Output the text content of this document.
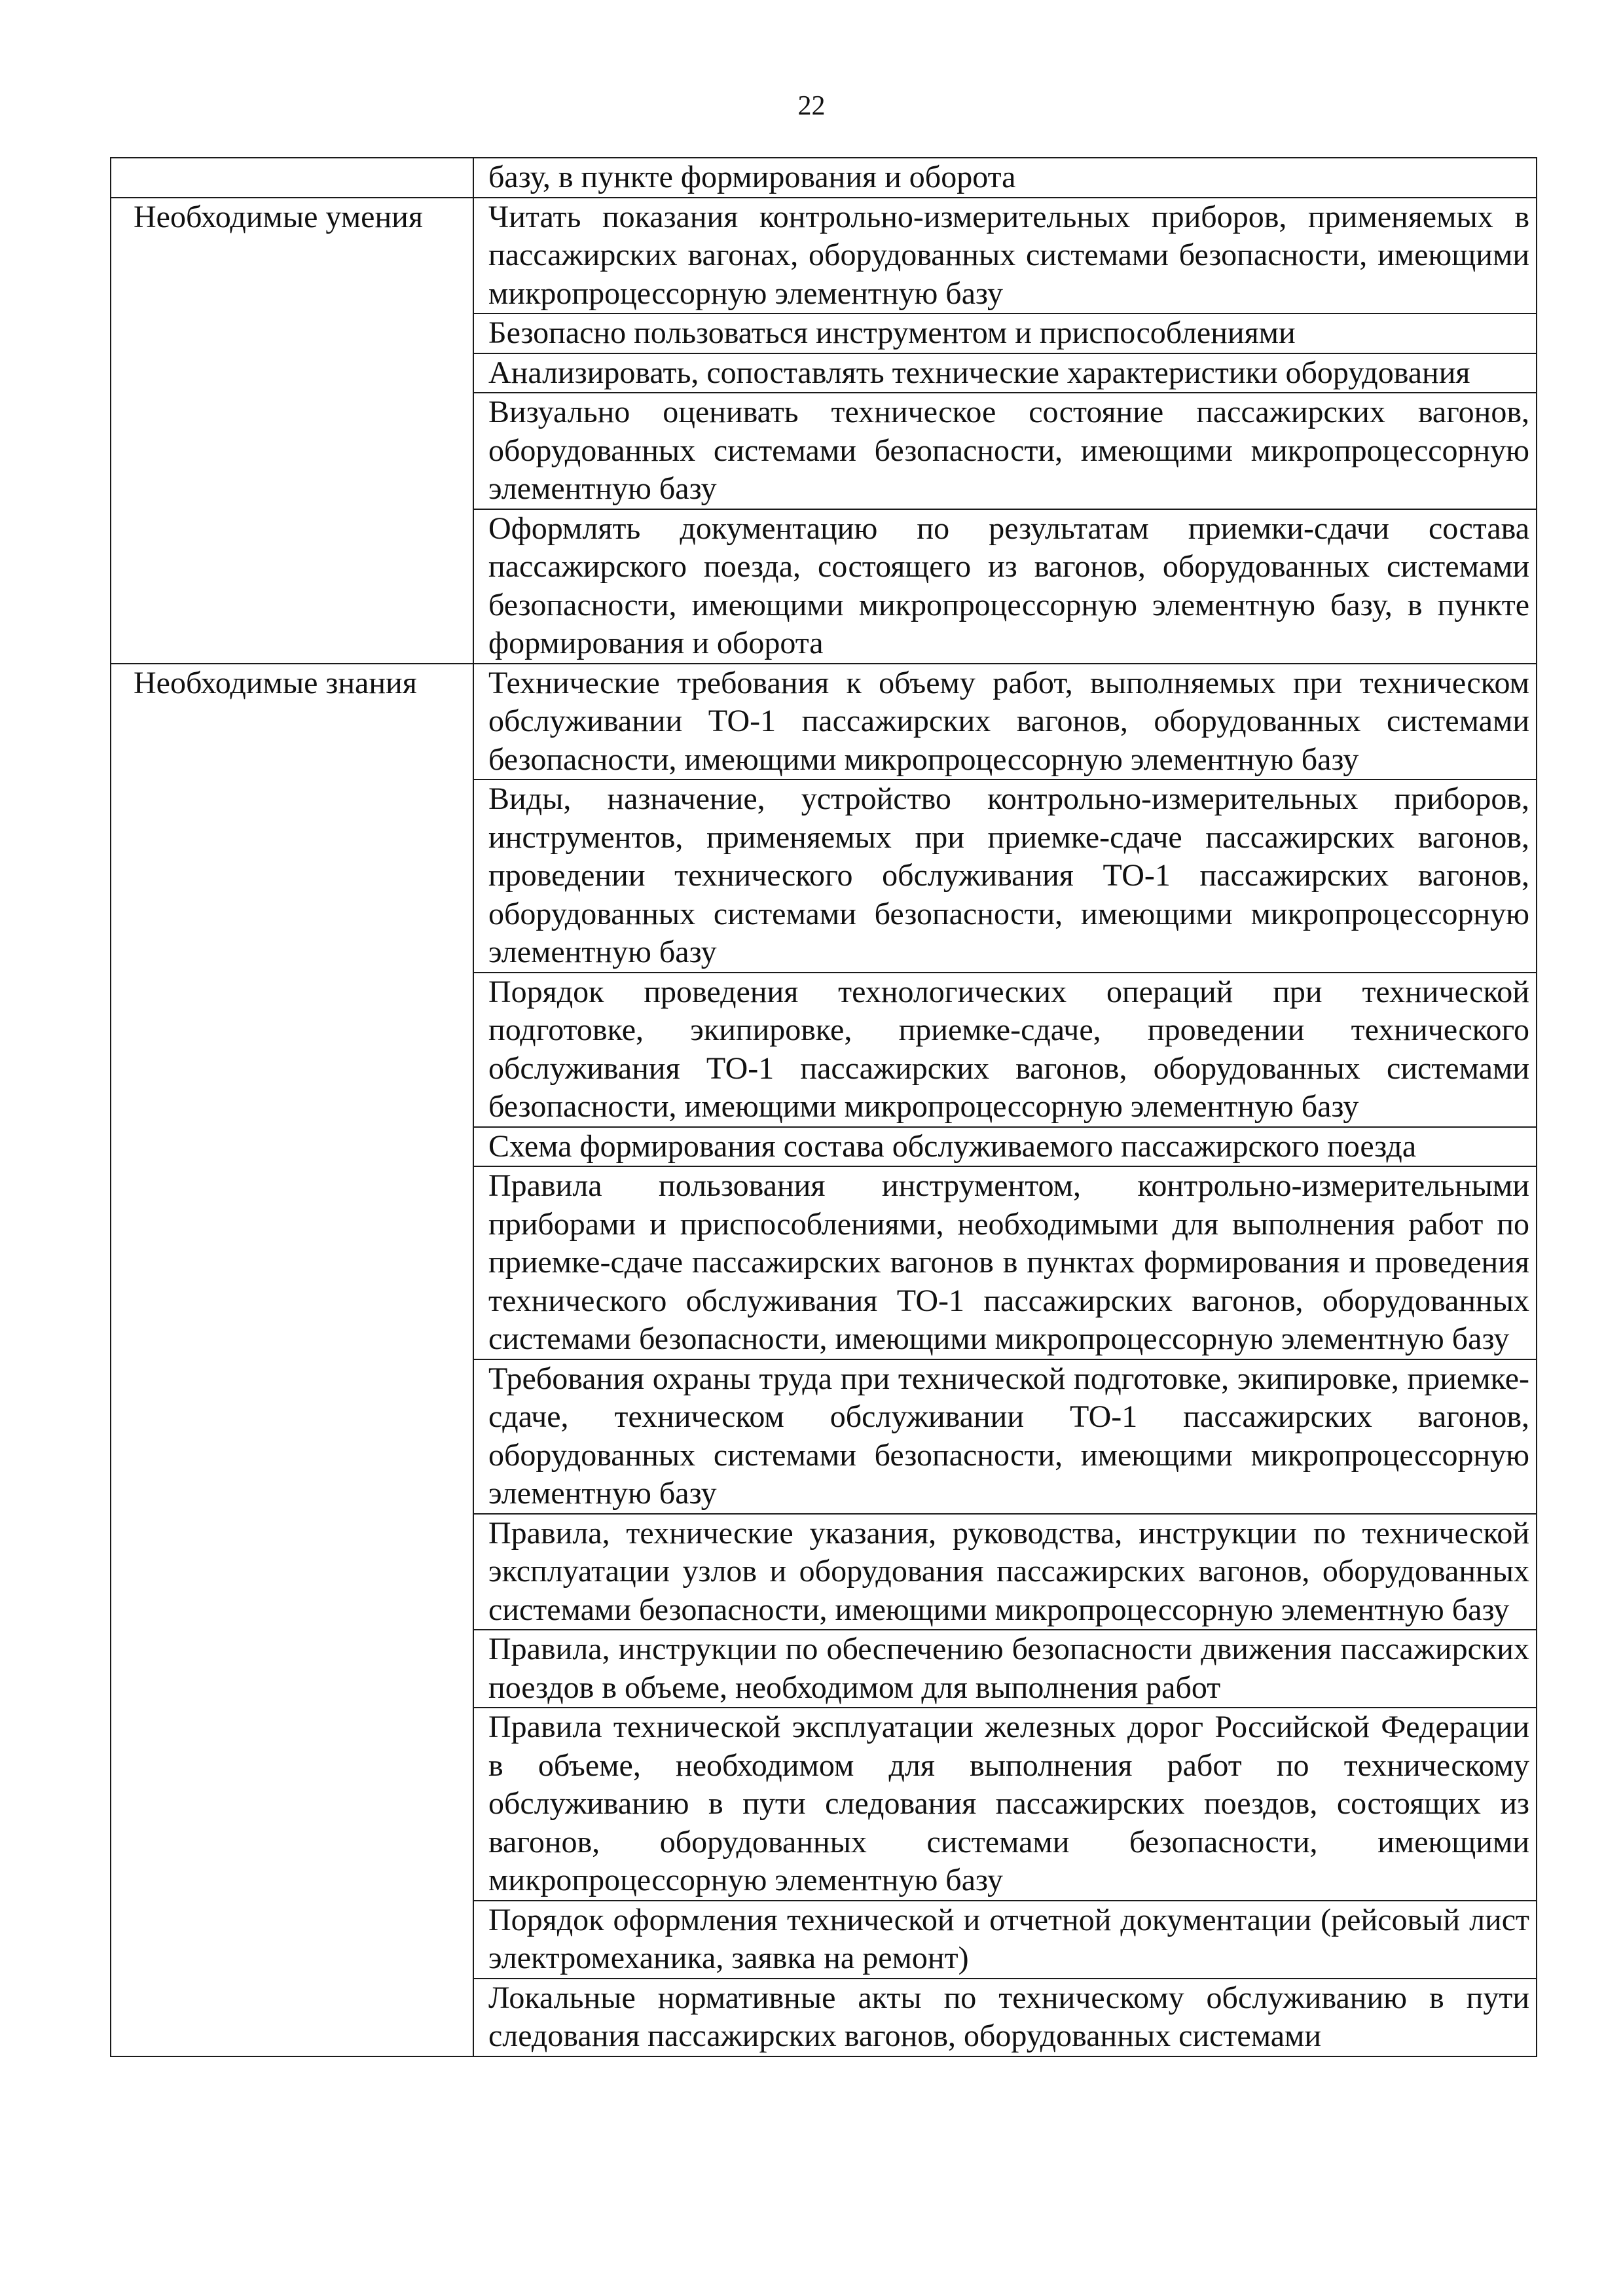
22
	базу, в пункте формирования и оборота
Необходимые умения	Читать показания контрольно-измерительных приборов, применяемых в пассажирских вагонах, оборудованных системами безопасности, имеющими микропроцессорную элементную базу
	Безопасно пользоваться инструментом и приспособлениями
	Анализировать, сопоставлять технические характеристики оборудования
	Визуально оценивать техническое состояние пассажирских вагонов, оборудованных системами безопасности, имеющими микропроцессорную элементную базу
	Оформлять документацию по результатам приемки-сдачи состава пассажирского поезда, состоящего из вагонов, оборудованных системами безопасности, имеющими микропроцессорную элементную базу, в пункте формирования и оборота
Необходимые знания	Технические требования к объему работ, выполняемых при техническом обслуживании ТО-1 пассажирских вагонов, оборудованных системами безопасности, имеющими микропроцессорную элементную базу
	Виды, назначение, устройство контрольно-измерительных приборов, инструментов, применяемых при приемке-сдаче пассажирских вагонов, проведении технического обслуживания ТО-1 пассажирских вагонов, оборудованных системами безопасности, имеющими микропроцессорную элементную базу
	Порядок проведения технологических операций при технической подготовке, экипировке, приемке-сдаче, проведении технического обслуживания ТО-1 пассажирских вагонов, оборудованных системами безопасности, имеющими микропроцессорную элементную базу
	Схема формирования состава обслуживаемого пассажирского поезда
	Правила пользования инструментом, контрольно-измерительными приборами и приспособлениями, необходимыми для выполнения работ по приемке-сдаче пассажирских вагонов в пунктах формирования и проведения технического обслуживания ТО-1 пассажирских вагонов, оборудованных системами безопасности, имеющими микропроцессорную элементную базу
	Требования охраны труда при технической подготовке, экипировке, приемке-сдаче, техническом обслуживании ТО-1 пассажирских вагонов, оборудованных системами безопасности, имеющими микропроцессорную элементную базу
	Правила, технические указания, руководства, инструкции по технической эксплуатации узлов и оборудования пассажирских вагонов, оборудованных системами безопасности, имеющими микропроцессорную элементную базу
	Правила, инструкции по обеспечению безопасности движения пассажирских поездов в объеме, необходимом для выполнения работ
	Правила технической эксплуатации железных дорог Российской Федерации в объеме, необходимом для выполнения работ по техническому обслуживанию в пути следования пассажирских поездов, состоящих из вагонов, оборудованных системами безопасности, имеющими микропроцессорную элементную базу
	Порядок оформления технической и отчетной документации (рейсовый лист электромеханика, заявка на ремонт)
	Локальные нормативные акты по техническому обслуживанию в пути следования пассажирских вагонов, оборудованных системами
